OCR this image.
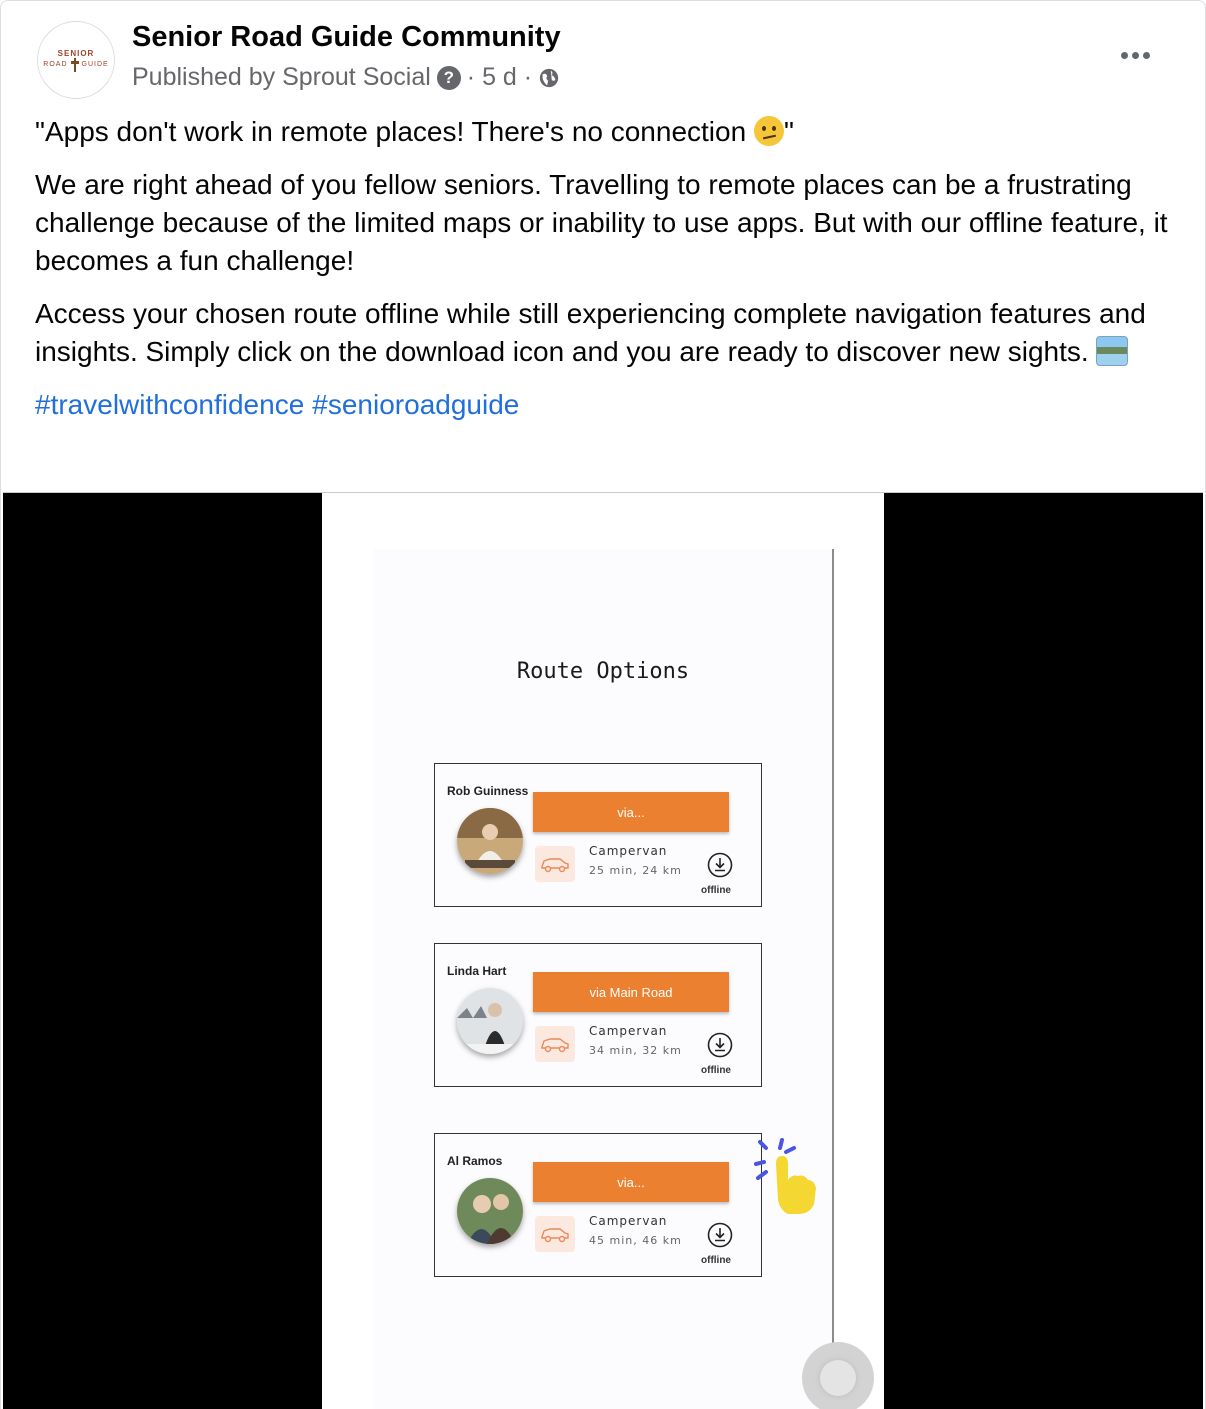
SENIOR
ROAD GUIDE
Senior Road Guide Community
Published by Sprout Social ? · 5 d ·

"Apps don't work in remote places! There's no connection "

We are right ahead of you fellow seniors. Travelling to remote places can be a frustrating challenge because of the limited maps or inability to use apps. But with our offline feature, it becomes a fun challenge!

Access your chosen route offline while still experiencing complete navigation features and insights. Simply click on the download icon and you are ready to discover new sights.

#travelwithconfidence #senioroadguide

Route Options
Rob Guinness
via...
Campervan
25 min, 24 km
offline
Linda Hart
via Main Road
Campervan
34 min, 32 km
offline
Al Ramos
via...
Campervan
45 min, 46 km
offline
